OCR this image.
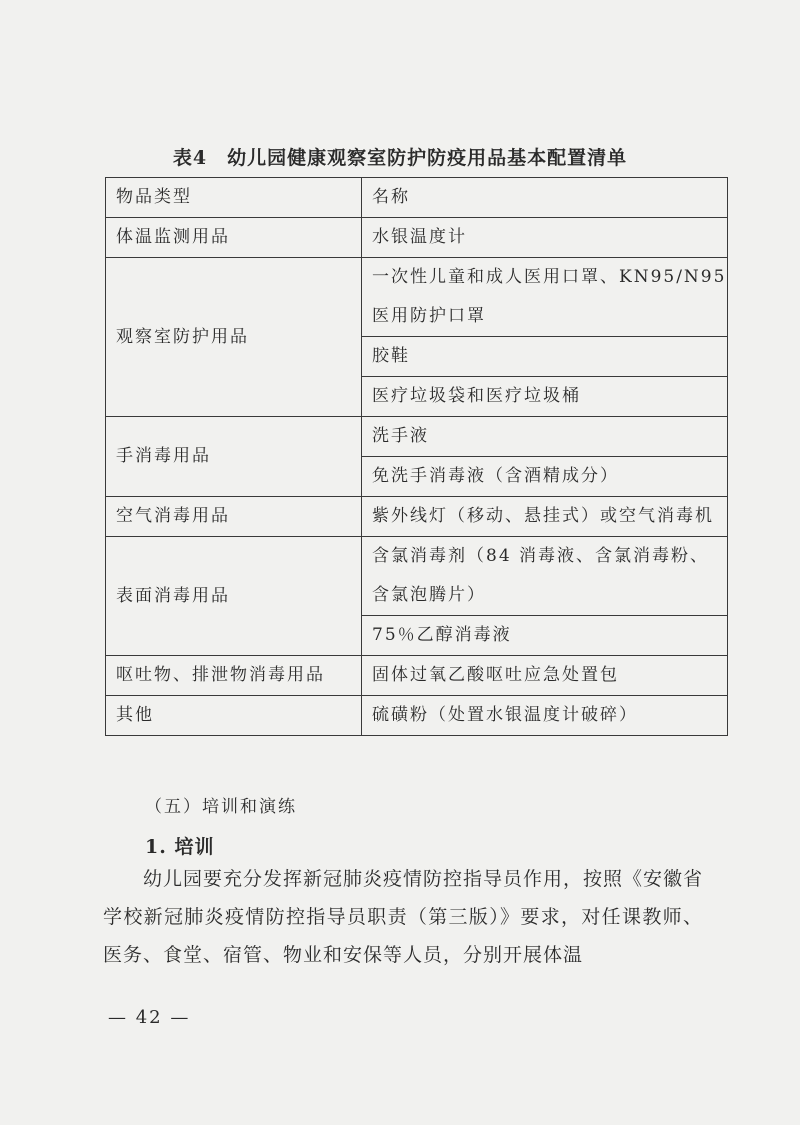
表4　幼儿园健康观察室防护防疫用品基本配置清单
物品类型	名称
体温监测用品	水银温度计
观察室防护用品	一次性儿童和成人医用口罩、KN95/N95 医用防护口罩
	胶鞋
	医疗垃圾袋和医疗垃圾桶
手消毒用品	洗手液
	免洗手消毒液（含酒精成分）
空气消毒用品	紫外线灯（移动、悬挂式）或空气消毒机
表面消毒用品	含氯消毒剂（84 消毒液、含氯消毒粉、含氯泡腾片）
	75％乙醇消毒液
呕吐物、排泄物消毒用品	固体过氧乙酸呕吐应急处置包
其他	硫磺粉（处置水银温度计破碎）
（五）培训和演练
1. 培训
幼儿园要充分发挥新冠肺炎疫情防控指导员作用，按照《安徽省学校新冠肺炎疫情防控指导员职责（第三版）》要求，对任课教师、医务、食堂、宿管、物业和安保等人员，分别开展体温
— 42 —
